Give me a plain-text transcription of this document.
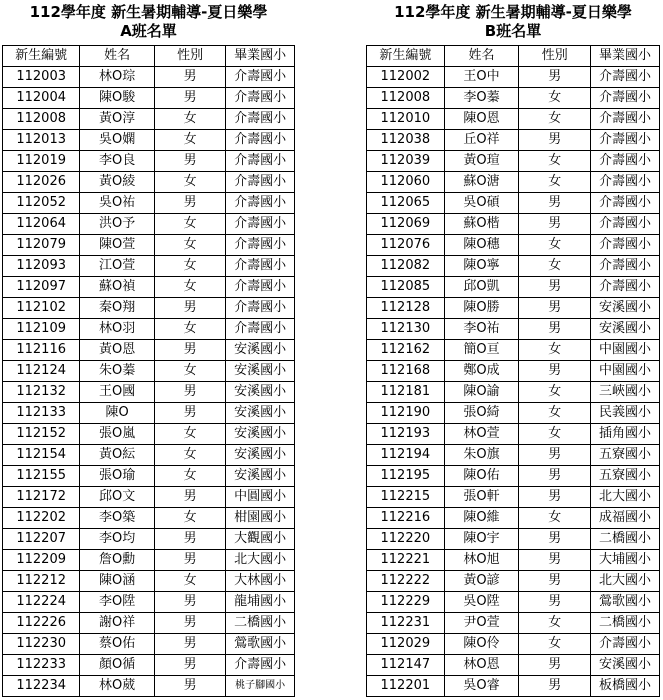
112學年度 新生暑期輔導-夏日樂學
A班名單
新生編號	姓名	性別	畢業國小
112003	林O琮	男	介壽國小
112004	陳O駿	男	介壽國小
112008	黃O淳	女	介壽國小
112013	吳O嫻	女	介壽國小
112019	李O良	男	介壽國小
112026	黃O綾	女	介壽國小
112052	吳O祐	男	介壽國小
112064	洪O予	女	介壽國小
112079	陳O萱	女	介壽國小
112093	江O萱	女	介壽國小
112097	蘇O禎	女	介壽國小
112102	秦O翔	男	介壽國小
112109	林O羽	女	介壽國小
112116	黃O恩	男	安溪國小
112124	朱O蓁	女	安溪國小
112132	王O國	男	安溪國小
112133	陳O	男	安溪國小
112152	張O嵐	女	安溪國小
112154	黃O紜	女	安溪國小
112155	張O瑜	女	安溪國小
112172	邱O文	男	中圓國小
112202	李O築	女	柑園國小
112207	李O均	男	大觀國小
112209	詹O勳	男	北大國小
112212	陳O涵	女	大林國小
112224	李O陞	男	龍埔國小
112226	謝O祥	男	二橋國小
112230	蔡O佑	男	鶯歌國小
112233	顏O循	男	介壽國小
112234	林O葳	男	桃子腳國小
112學年度 新生暑期輔導-夏日樂學
B班名單
新生編號	姓名	性別	畢業國小
112002	王O中	男	介壽國小
112008	李O蓁	女	介壽國小
112010	陳O恩	女	介壽國小
112038	丘O祥	男	介壽國小
112039	黃O瑄	女	介壽國小
112060	蘇O溏	女	介壽國小
112065	吳O碩	男	介壽國小
112069	蘇O楷	男	介壽國小
112076	陳O穗	女	介壽國小
112082	陳O寧	女	介壽國小
112085	邱O凱	男	介壽國小
112128	陳O勝	男	安溪國小
112130	李O祐	男	安溪國小
112162	簡O亘	女	中園國小
112168	鄭O成	男	中園國小
112181	陳O諭	女	三峽國小
112190	張O綺	女	民義國小
112193	林O萱	女	插角國小
112194	朱O旗	男	五寮國小
112195	陳O佑	男	五寮國小
112215	張O軒	男	北大國小
112216	陳O維	女	成福國小
112220	陳O宇	男	二橋國小
112221	林O旭	男	大埔國小
112222	黃O諺	男	北大國小
112229	吳O陞	男	鶯歌國小
112231	尹O萱	女	二橋國小
112029	陳O伶	女	介壽國小
112147	林O恩	男	安溪國小
112201	吳O睿	男	板橋國小
